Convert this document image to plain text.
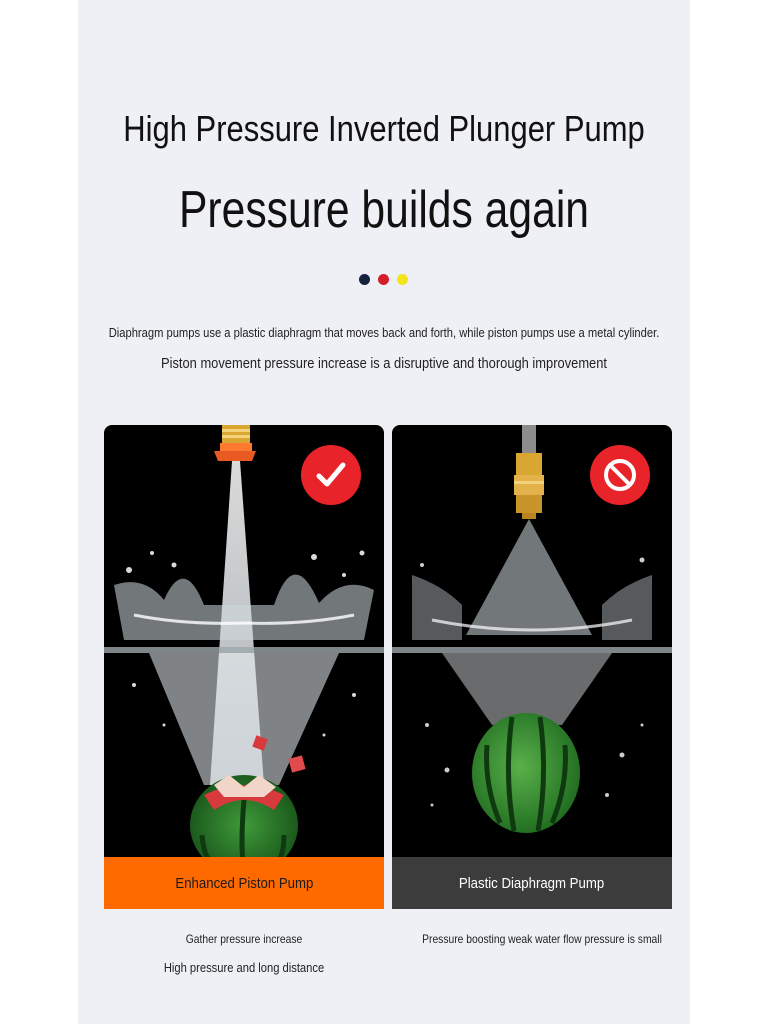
High Pressure Inverted Plunger Pump
Pressure builds again
Diaphragm pumps use a plastic diaphragm that moves back and forth, while piston pumps use a metal cylinder.
Piston movement pressure increase is a disruptive and thorough improvement
Enhanced Piston Pump	Plastic Diaphragm Pump
Gather pressure increase
High pressure and long distance
Pressure boosting weak water flow pressure is small
